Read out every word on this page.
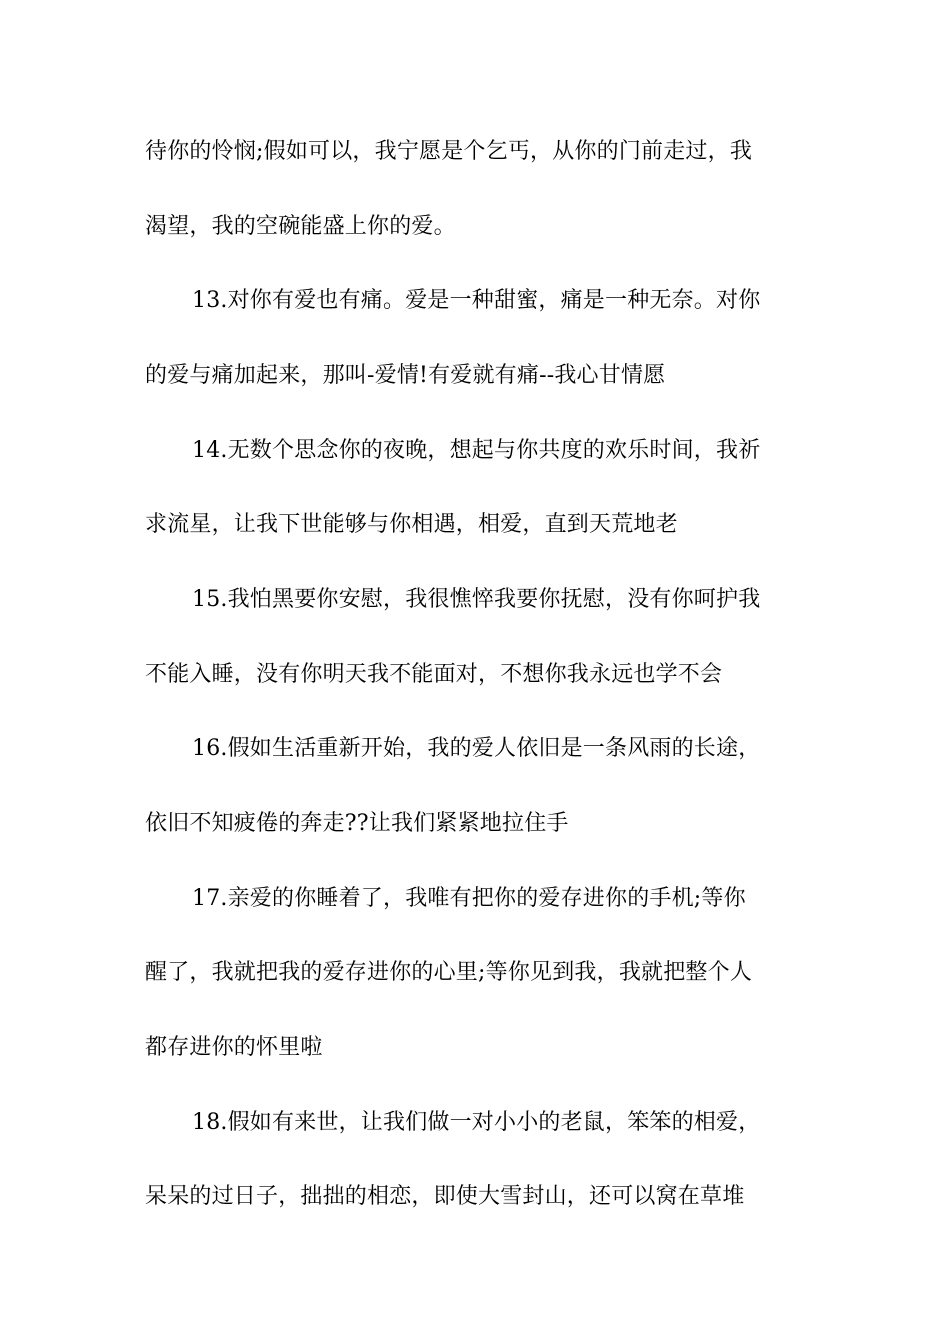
待你的怜悯;假如可以，我宁愿是个乞丐，从你的门前走过，我
渴望，我的空碗能盛上你的爱。
13.对你有爱也有痛。爱是一种甜蜜，痛是一种无奈。对你
的爱与痛加起来，那叫-爱情!有爱就有痛--我心甘情愿
14.无数个思念你的夜晚，想起与你共度的欢乐时间，我祈
求流星，让我下世能够与你相遇，相爱，直到天荒地老
15.我怕黑要你安慰，我很憔悴我要你抚慰，没有你呵护我
不能入睡，没有你明天我不能面对，不想你我永远也学不会
16.假如生活重新开始，我的爱人依旧是一条风雨的长途，
依旧不知疲倦的奔走??让我们紧紧地拉住手
17.亲爱的你睡着了，我唯有把你的爱存进你的手机;等你
醒了，我就把我的爱存进你的心里;等你见到我，我就把整个人
都存进你的怀里啦
18.假如有来世，让我们做一对小小的老鼠，笨笨的相爱，
呆呆的过日子，拙拙的相恋，即使大雪封山，还可以窝在草堆
